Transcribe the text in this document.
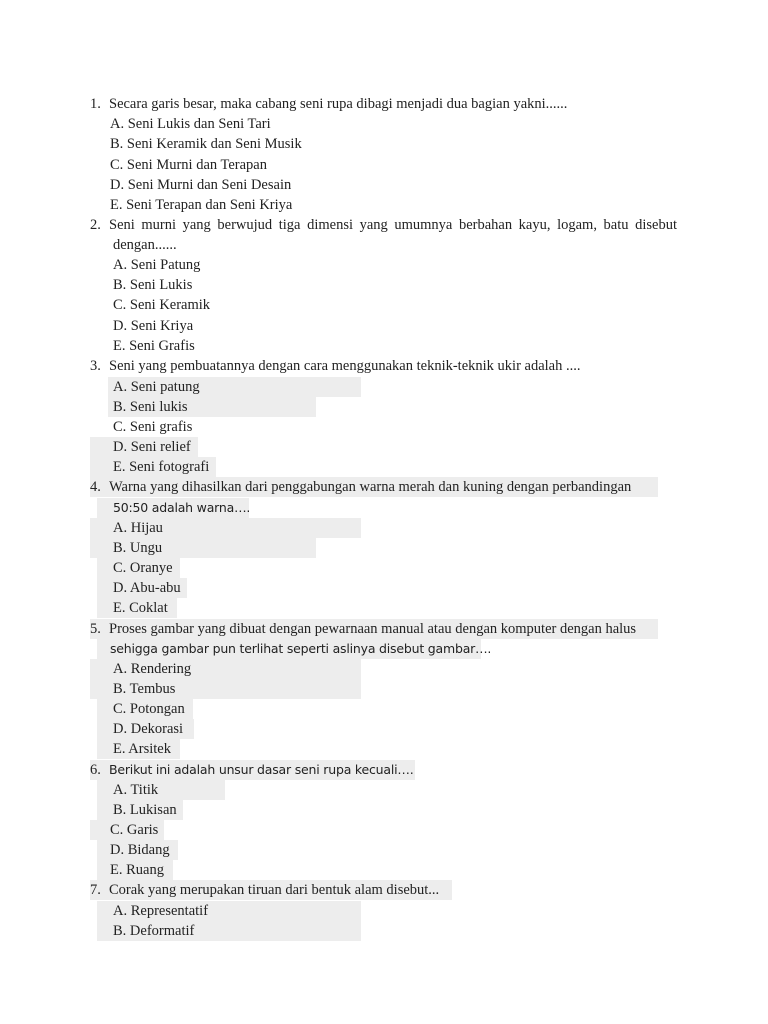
1. Secara garis besar, maka cabang seni rupa dibagi menjadi dua bagian yakni......
A. Seni Lukis dan Seni Tari
B. Seni Keramik dan Seni Musik
C. Seni Murni dan Terapan
D. Seni Murni dan Seni Desain
E. Seni Terapan dan Seni Kriya
2. Seni murni yang berwujud tiga dimensi yang umumnya berbahan kayu, logam, batu disebut
dengan......
A. Seni Patung
B. Seni Lukis
C. Seni Keramik
D. Seni Kriya
E. Seni Grafis
3. Seni yang pembuatannya dengan cara menggunakan teknik-teknik ukir adalah ....
A. Seni patung
B. Seni lukis
C. Seni grafis
D. Seni relief
E. Seni fotografi
4. Warna yang dihasilkan dari penggabungan warna merah dan kuning dengan perbandingan
50:50 adalah warna….
A. Hijau
B. Ungu
C. Oranye
D. Abu-abu
E. Coklat
5. Proses gambar yang dibuat dengan pewarnaan manual atau dengan komputer dengan halus
sehigga gambar pun terlihat seperti aslinya disebut gambar….
A. Rendering
B. Tembus
C. Potongan
D. Dekorasi
E. Arsitek
6. Berikut ini adalah unsur dasar seni rupa kecuali….
A. Titik
B. Lukisan
C. Garis
D. Bidang
E. Ruang
7. Corak yang merupakan tiruan dari bentuk alam disebut...
A. Representatif
B. Deformatif
